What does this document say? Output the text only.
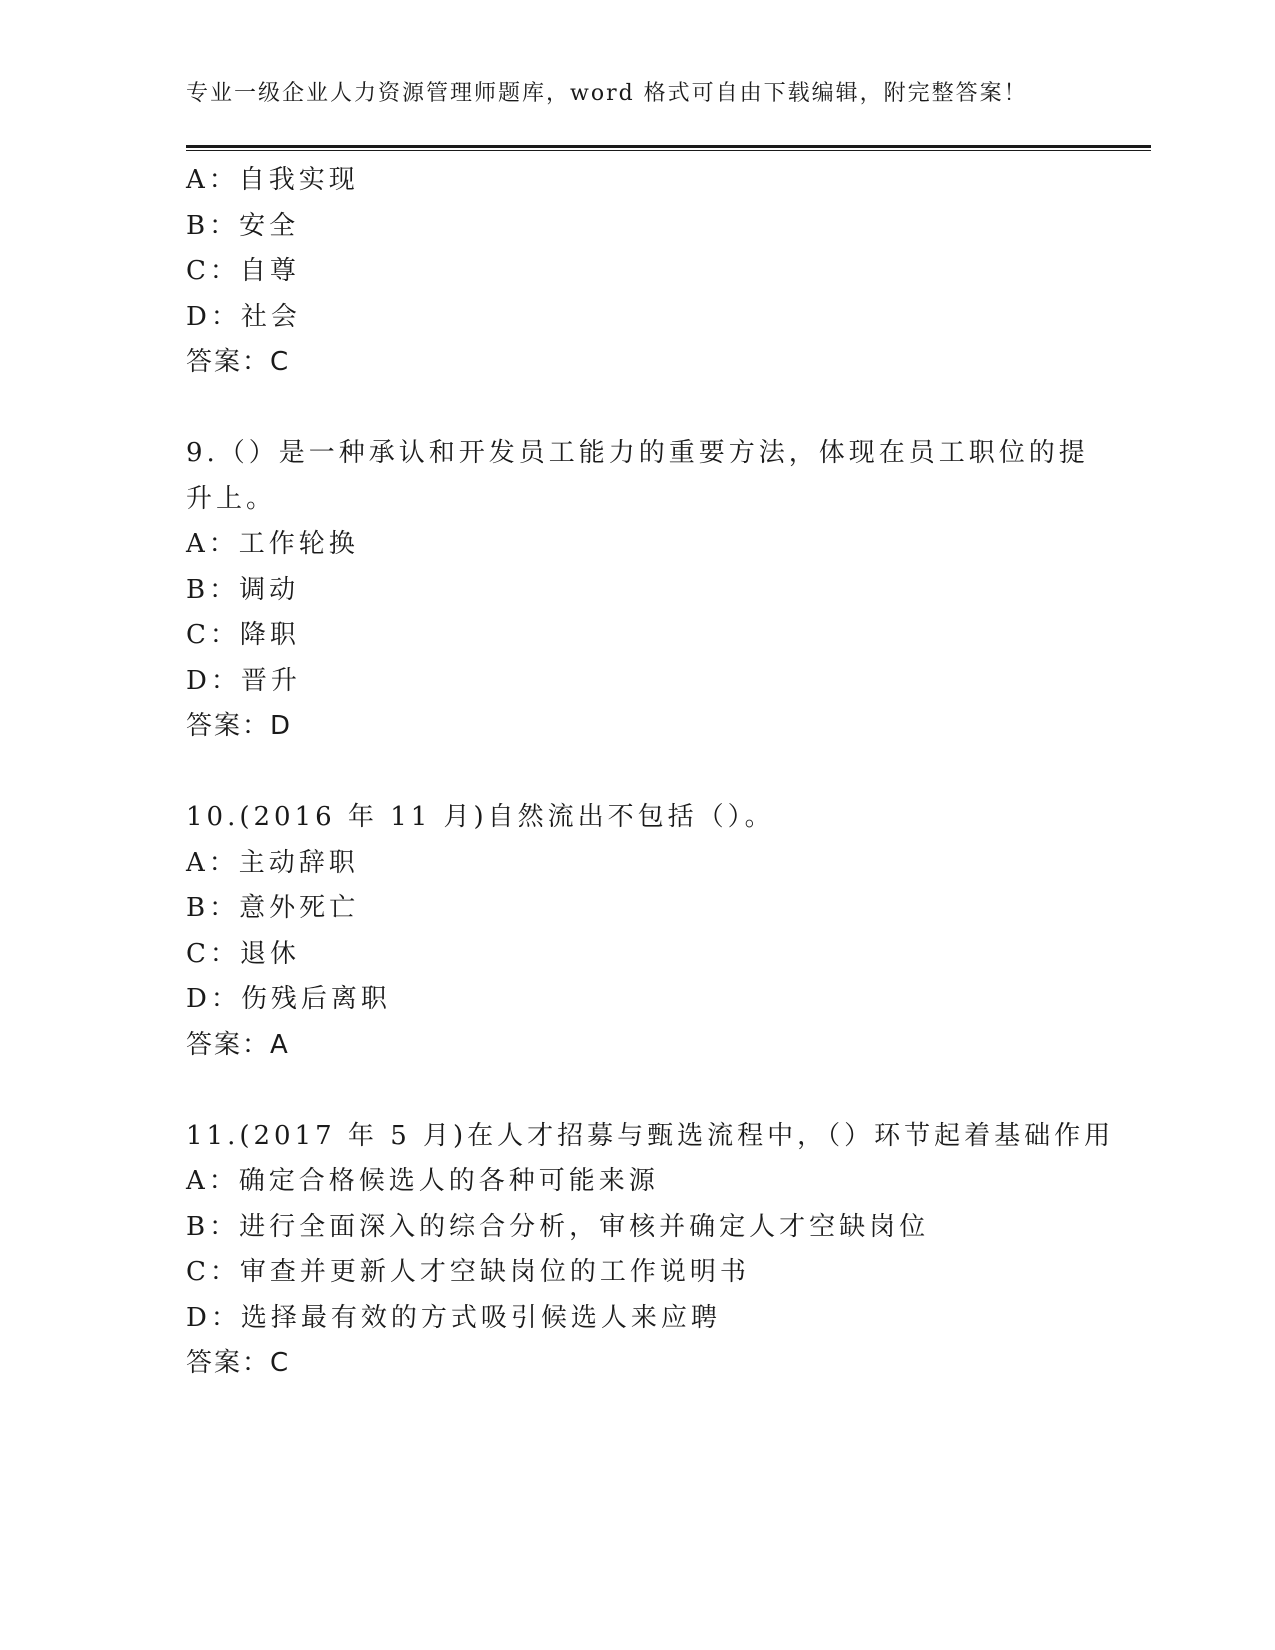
专业一级企业人力资源管理师题库，word 格式可自由下载编辑，附完整答案！
A：自我实现
B：安全
C：自尊
D：社会
答案：C
9.（）是一种承认和开发员工能力的重要方法，体现在员工职位的提
升上。
A：工作轮换
B：调动
C：降职
D：晋升
答案：D
10.(2016 年 11 月)自然流出不包括（）。
A：主动辞职
B：意外死亡
C：退休
D：伤残后离职
答案：A
11.(2017 年 5 月)在人才招募与甄选流程中，（）环节起着基础作用
A：确定合格候选人的各种可能来源
B：进行全面深入的综合分析，审核并确定人才空缺岗位
C：审查并更新人才空缺岗位的工作说明书
D：选择最有效的方式吸引候选人来应聘
答案：C
